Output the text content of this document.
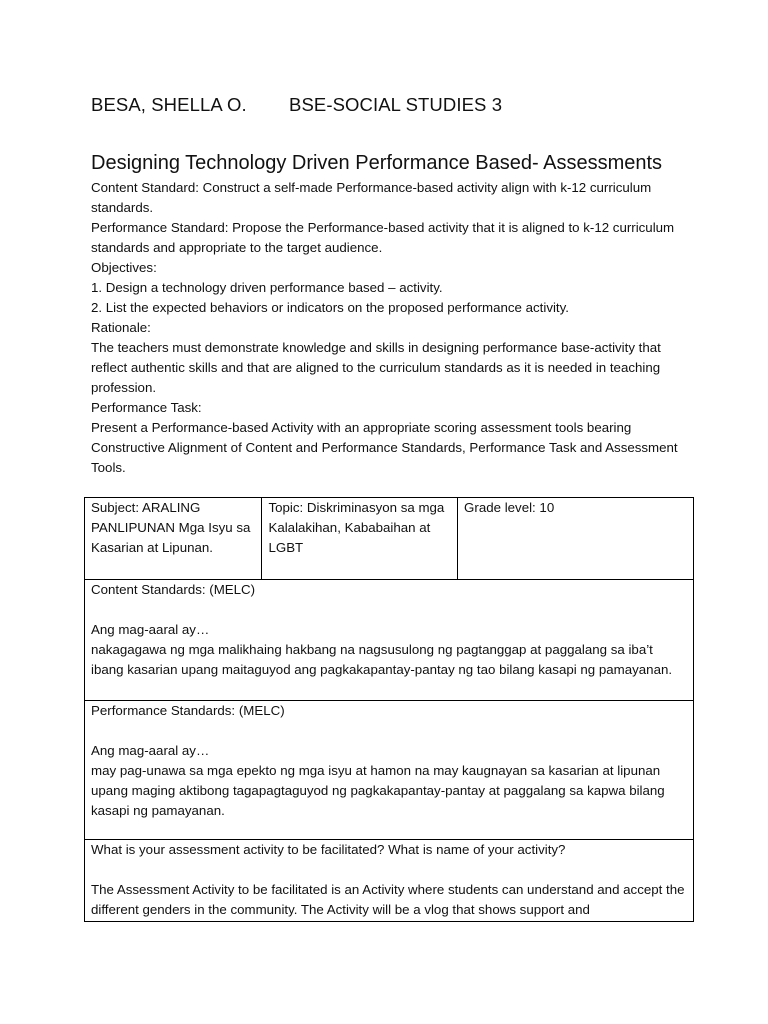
BESA, SHELLA O. BSE-SOCIAL STUDIES 3
Designing Technology Driven Performance Based- Assessments
Content Standard: Construct a self-made Performance-based activity align with k-12 curriculum standards.
Performance Standard: Propose the Performance-based activity that it is aligned to k-12 curriculum standards and appropriate to the target audience.
Objectives:
1. Design a technology driven performance based – activity.
2. List the expected behaviors or indicators on the proposed performance activity.
Rationale:
The teachers must demonstrate knowledge and skills in designing performance base-activity that reflect authentic skills and that are aligned to the curriculum standards as it is needed in teaching profession.
Performance Task:
Present a Performance-based Activity with an appropriate scoring assessment tools bearing Constructive Alignment of Content and Performance Standards, Performance Task and Assessment Tools.
Subject: ARALING PANLIPUNAN Mga Isyu sa Kasarian at Lipunan.	Topic: Diskriminasyon sa mga Kalalakihan, Kababaihan at LGBT	Grade level: 10

Content Standards: (MELC)
Ang mag-aaral ay…
nakagagawa ng mga malikhaing hakbang na nagsusulong ng pagtanggap at paggalang sa iba’t ibang kasarian upang maitaguyod ang pagkakapantay-pantay ng tao bilang kasapi ng pamayanan.

Performance Standards: (MELC)
Ang mag-aaral ay…
may pag-unawa sa mga epekto ng mga isyu at hamon na may kaugnayan sa kasarian at lipunan upang maging aktibong tagapagtaguyod ng pagkakapantay-pantay at paggalang sa kapwa bilang kasapi ng pamayanan.

What is your assessment activity to be facilitated? What is name of your activity?
The Assessment Activity to be facilitated is an Activity where students can understand and accept the different genders in the community. The Activity will be a vlog that shows support and
